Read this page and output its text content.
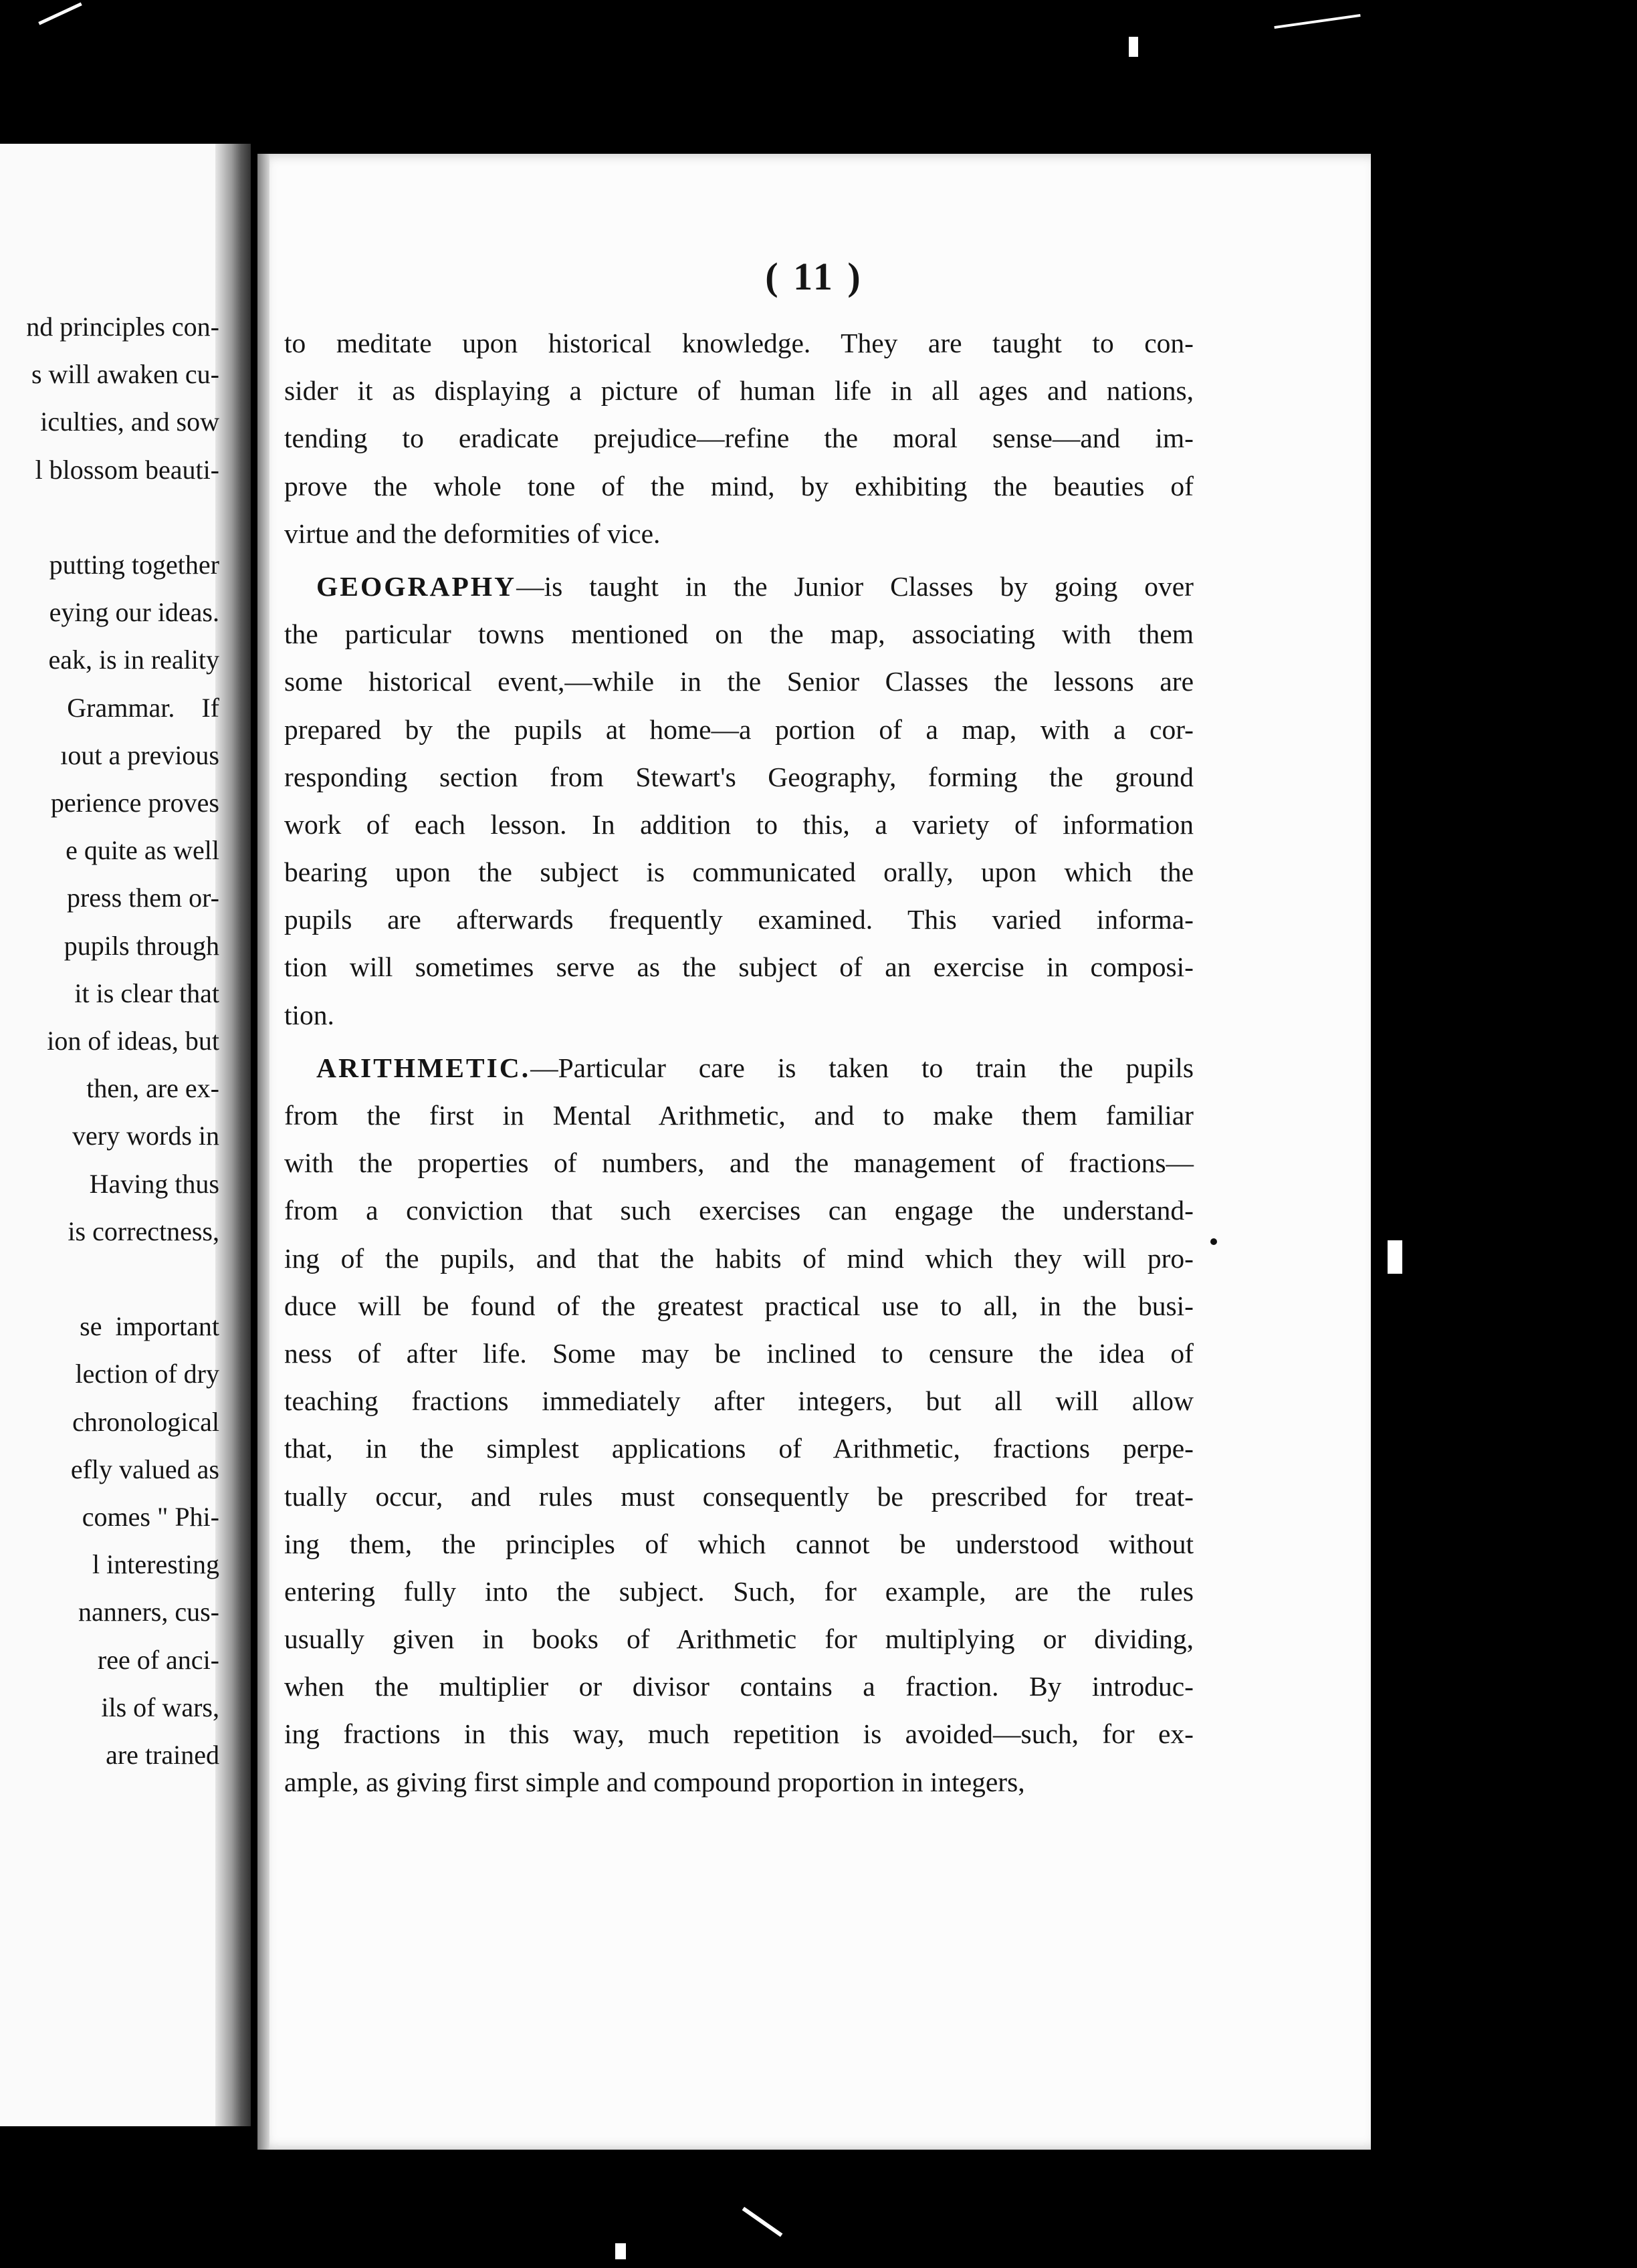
nd principles con-
s will awaken cu-
iculties, and sow
l blossom beauti-
putting together
eying our ideas.
eak, is in reality
Grammar.    If
ıout a previous
perience proves
e quite as well
press them or-
pupils through
it is clear that
ion of ideas, but
then, are ex-
very words in
Having thus
is correctness,
se  important
lection of dry
chronological
efly valued as
comes " Phi-
l interesting
nanners, cus-
ree of anci-
ils of wars,
are trained
( 11 )
to meditate upon historical knowledge. They are taught to con-
sider it as displaying a picture of human life in all ages and nations,
tending to eradicate prejudice—refine the moral sense—and im-
prove the whole tone of the mind, by exhibiting the beauties of
virtue and the deformities of vice.
GEOGRAPHY—is taught in the Junior Classes by going over
the particular towns mentioned on the map, associating with them
some historical event,—while in the Senior Classes the lessons are
prepared by the pupils at home—a portion of a map, with a cor-
responding section from Stewart's Geography, forming the ground
work of each lesson. In addition to this, a variety of information
bearing upon the subject is communicated orally, upon which the
pupils are afterwards frequently examined. This varied informa-
tion will sometimes serve as the subject of an exercise in composi-
tion.
ARITHMETIC.—Particular care is taken to train the pupils
from the first in Mental Arithmetic, and to make them familiar
with the properties of numbers, and the management of fractions—
from a conviction that such exercises can engage the understand-
ing of the pupils, and that the habits of mind which they will pro-
duce will be found of the greatest practical use to all, in the busi-
ness of after life. Some may be inclined to censure the idea of
teaching fractions immediately after integers, but all will allow
that, in the simplest applications of Arithmetic, fractions perpe-
tually occur, and rules must consequently be prescribed for treat-
ing them, the principles of which cannot be understood without
entering fully into the subject. Such, for example, are the rules
usually given in books of Arithmetic for multiplying or dividing,
when the multiplier or divisor contains a fraction. By introduc-
ing fractions in this way, much repetition is avoided—such, for ex-
ample, as giving first simple and compound proportion in integers,
